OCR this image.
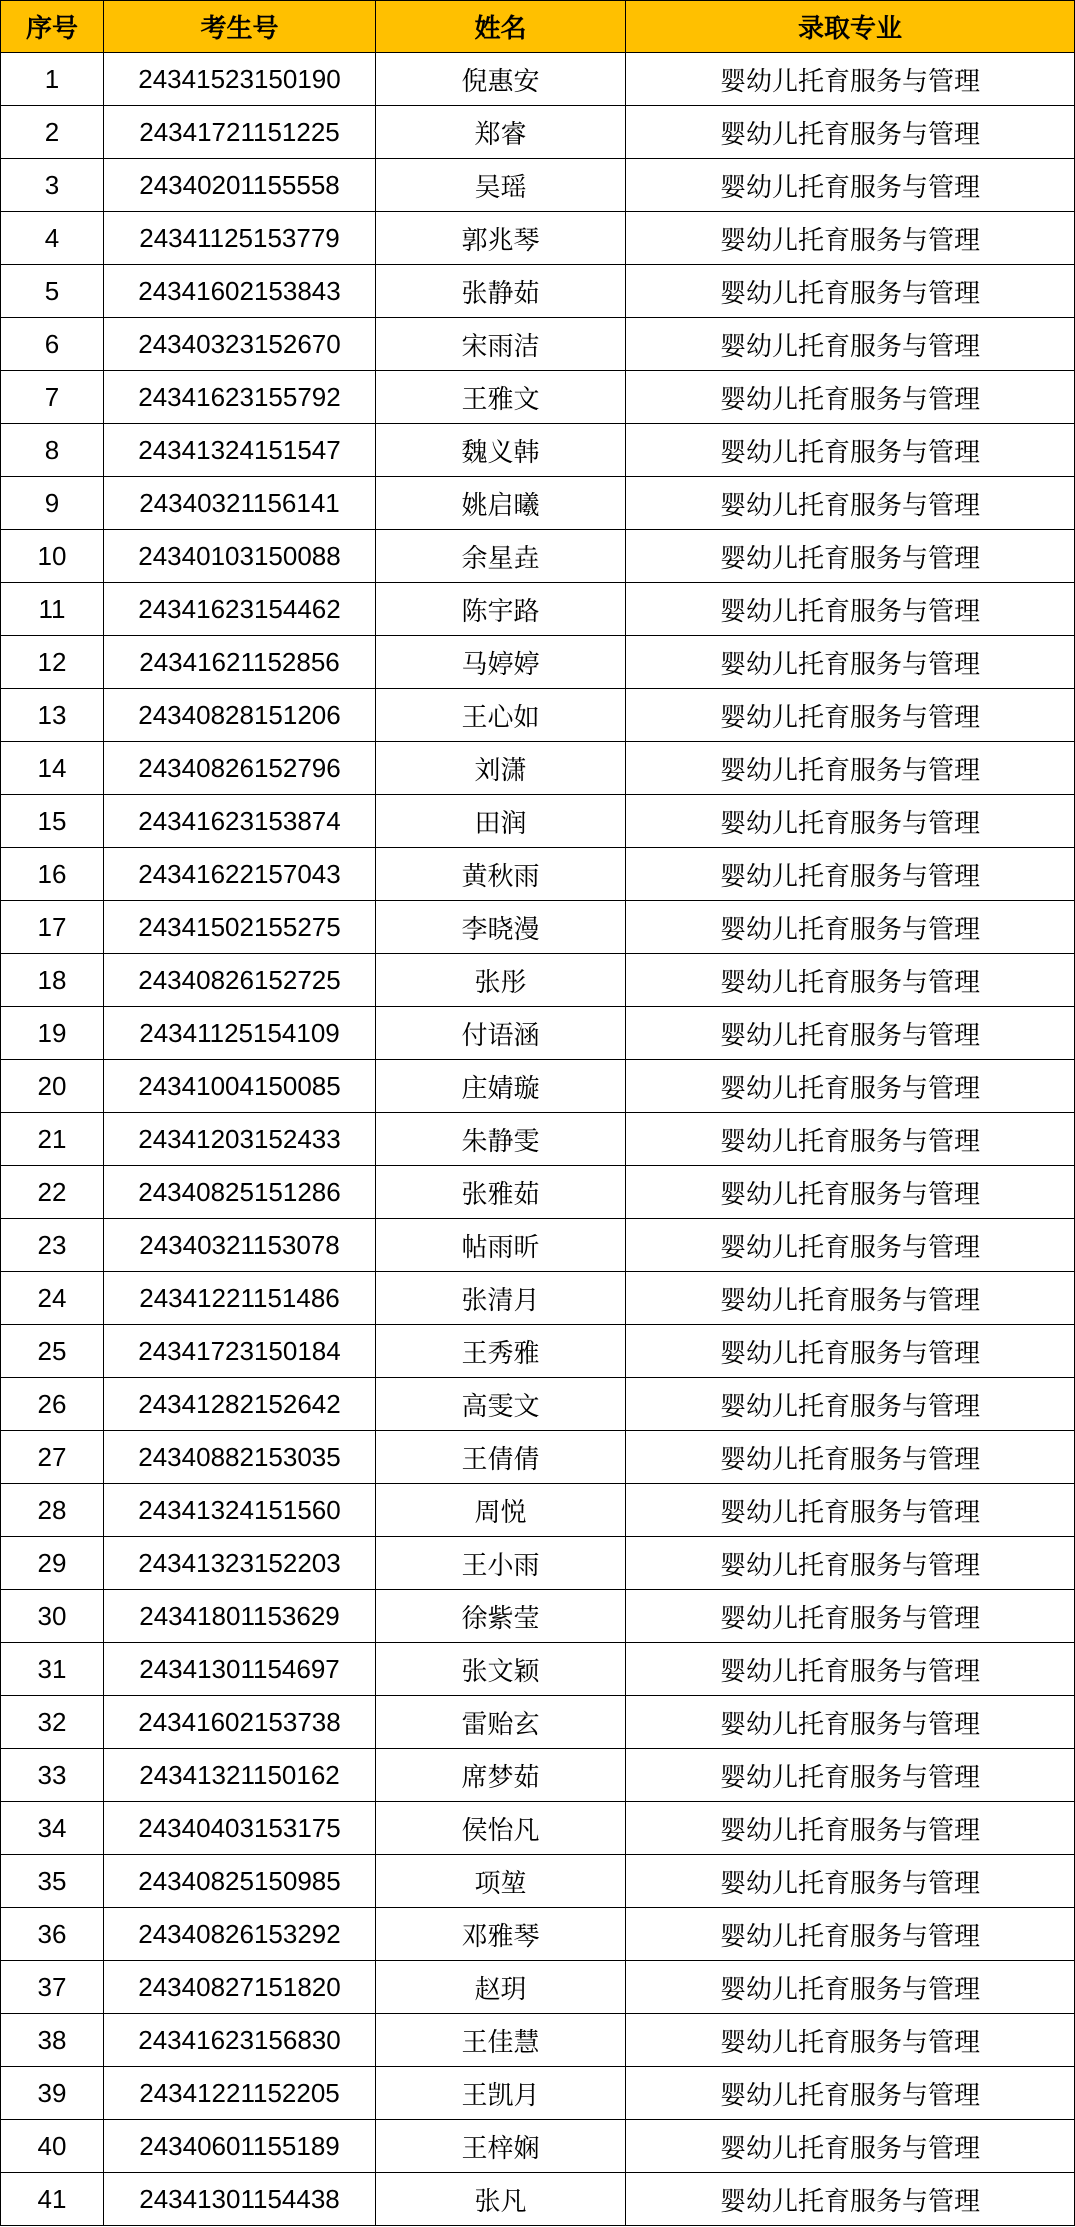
序号	考生号	姓名	录取专业
1	24341523150190	倪惠安	婴幼儿托育服务与管理
2	24341721151225	郑睿	婴幼儿托育服务与管理
3	24340201155558	吴瑶	婴幼儿托育服务与管理
4	24341125153779	郭兆琴	婴幼儿托育服务与管理
5	24341602153843	张静茹	婴幼儿托育服务与管理
6	24340323152670	宋雨洁	婴幼儿托育服务与管理
7	24341623155792	王雅文	婴幼儿托育服务与管理
8	24341324151547	魏义韩	婴幼儿托育服务与管理
9	24340321156141	姚启曦	婴幼儿托育服务与管理
10	24340103150088	余星垚	婴幼儿托育服务与管理
11	24341623154462	陈宇路	婴幼儿托育服务与管理
12	24341621152856	马婷婷	婴幼儿托育服务与管理
13	24340828151206	王心如	婴幼儿托育服务与管理
14	24340826152796	刘潇	婴幼儿托育服务与管理
15	24341623153874	田润	婴幼儿托育服务与管理
16	24341622157043	黄秋雨	婴幼儿托育服务与管理
17	24341502155275	李晓漫	婴幼儿托育服务与管理
18	24340826152725	张彤	婴幼儿托育服务与管理
19	24341125154109	付语涵	婴幼儿托育服务与管理
20	24341004150085	庄婧璇	婴幼儿托育服务与管理
21	24341203152433	朱静雯	婴幼儿托育服务与管理
22	24340825151286	张雅茹	婴幼儿托育服务与管理
23	24340321153078	帖雨昕	婴幼儿托育服务与管理
24	24341221151486	张清月	婴幼儿托育服务与管理
25	24341723150184	王秀雅	婴幼儿托育服务与管理
26	24341282152642	高雯文	婴幼儿托育服务与管理
27	24340882153035	王倩倩	婴幼儿托育服务与管理
28	24341324151560	周悦	婴幼儿托育服务与管理
29	24341323152203	王小雨	婴幼儿托育服务与管理
30	24341801153629	徐紫莹	婴幼儿托育服务与管理
31	24341301154697	张文颖	婴幼儿托育服务与管理
32	24341602153738	雷贻玄	婴幼儿托育服务与管理
33	24341321150162	席梦茹	婴幼儿托育服务与管理
34	24340403153175	侯怡凡	婴幼儿托育服务与管理
35	24340825150985	项堃	婴幼儿托育服务与管理
36	24340826153292	邓雅琴	婴幼儿托育服务与管理
37	24340827151820	赵玥	婴幼儿托育服务与管理
38	24341623156830	王佳慧	婴幼儿托育服务与管理
39	24341221152205	王凯月	婴幼儿托育服务与管理
40	24340601155189	王梓娴	婴幼儿托育服务与管理
41	24341301154438	张凡	婴幼儿托育服务与管理
